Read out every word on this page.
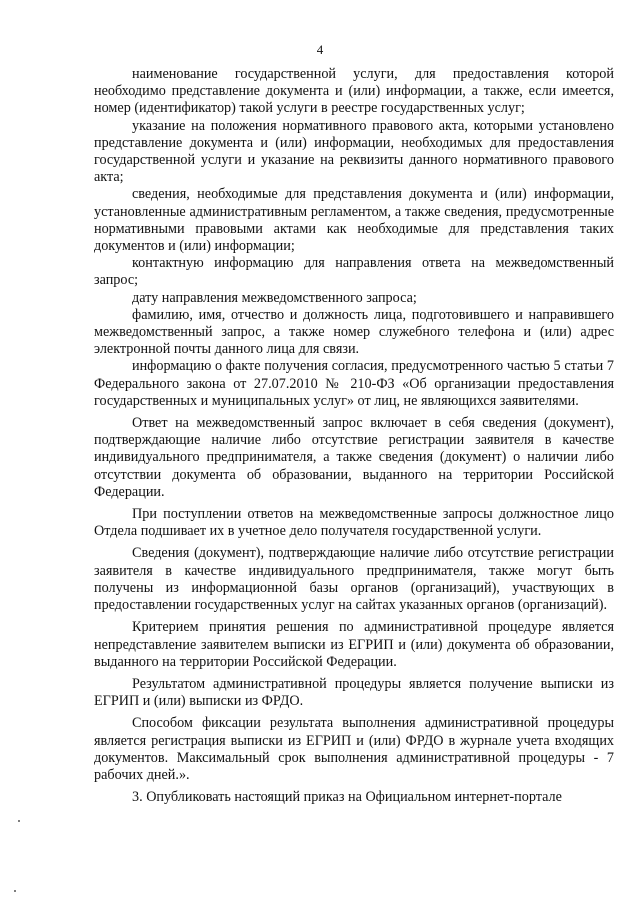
4

наименование государственной услуги, для предоставления которой необходимо представление документа и (или) информации, а также, если имеется, номер (идентификатор) такой услуги в реестре государственных услуг;

указание на положения нормативного правового акта, которыми установлено представление документа и (или) информации, необходимых для предоставления государственной услуги и указание на реквизиты данного нормативного правового акта;

сведения, необходимые для представления документа и (или) информации, установленные административным регламентом, а также сведения, предусмотренные нормативными правовыми актами как необходимые для представления таких документов и (или) информации;

контактную информацию для направления ответа на межведомственный запрос;

дату направления межведомственного запроса;

фамилию, имя, отчество и должность лица, подготовившего и направившего межведомственный запрос, а также номер служебного телефона и (или) адрес электронной почты данного лица для связи.

информацию о факте получения согласия, предусмотренного частью 5 статьи 7 Федерального закона от 27.07.2010 № 210-ФЗ «Об организации предоставления государственных и муниципальных услуг» от лиц, не являющихся заявителями.

Ответ на межведомственный запрос включает в себя сведения (документ), подтверждающие наличие либо отсутствие регистрации заявителя в качестве индивидуального предпринимателя, а также сведения (документ) о наличии либо отсутствии документа об образовании, выданного на территории Российской Федерации.

При поступлении ответов на межведомственные запросы должностное лицо Отдела подшивает их в учетное дело получателя государственной услуги.

Сведения (документ), подтверждающие наличие либо отсутствие регистрации заявителя в качестве индивидуального предпринимателя, также могут быть получены из информационной базы органов (организаций), участвующих в предоставлении государственных услуг на сайтах указанных органов (организаций).

Критерием принятия решения по административной процедуре является непредставление заявителем выписки из ЕГРИП и (или) документа об образовании, выданного на территории Российской Федерации.

Результатом административной процедуры является получение выписки из ЕГРИП и (или) выписки из ФРДО.

Способом фиксации результата выполнения административной процедуры является регистрация выписки из ЕГРИП и (или) ФРДО в журнале учета входящих документов. Максимальный срок выполнения административной процедуры - 7 рабочих дней.».

3. Опубликовать настоящий приказ на Официальном интернет-портале
